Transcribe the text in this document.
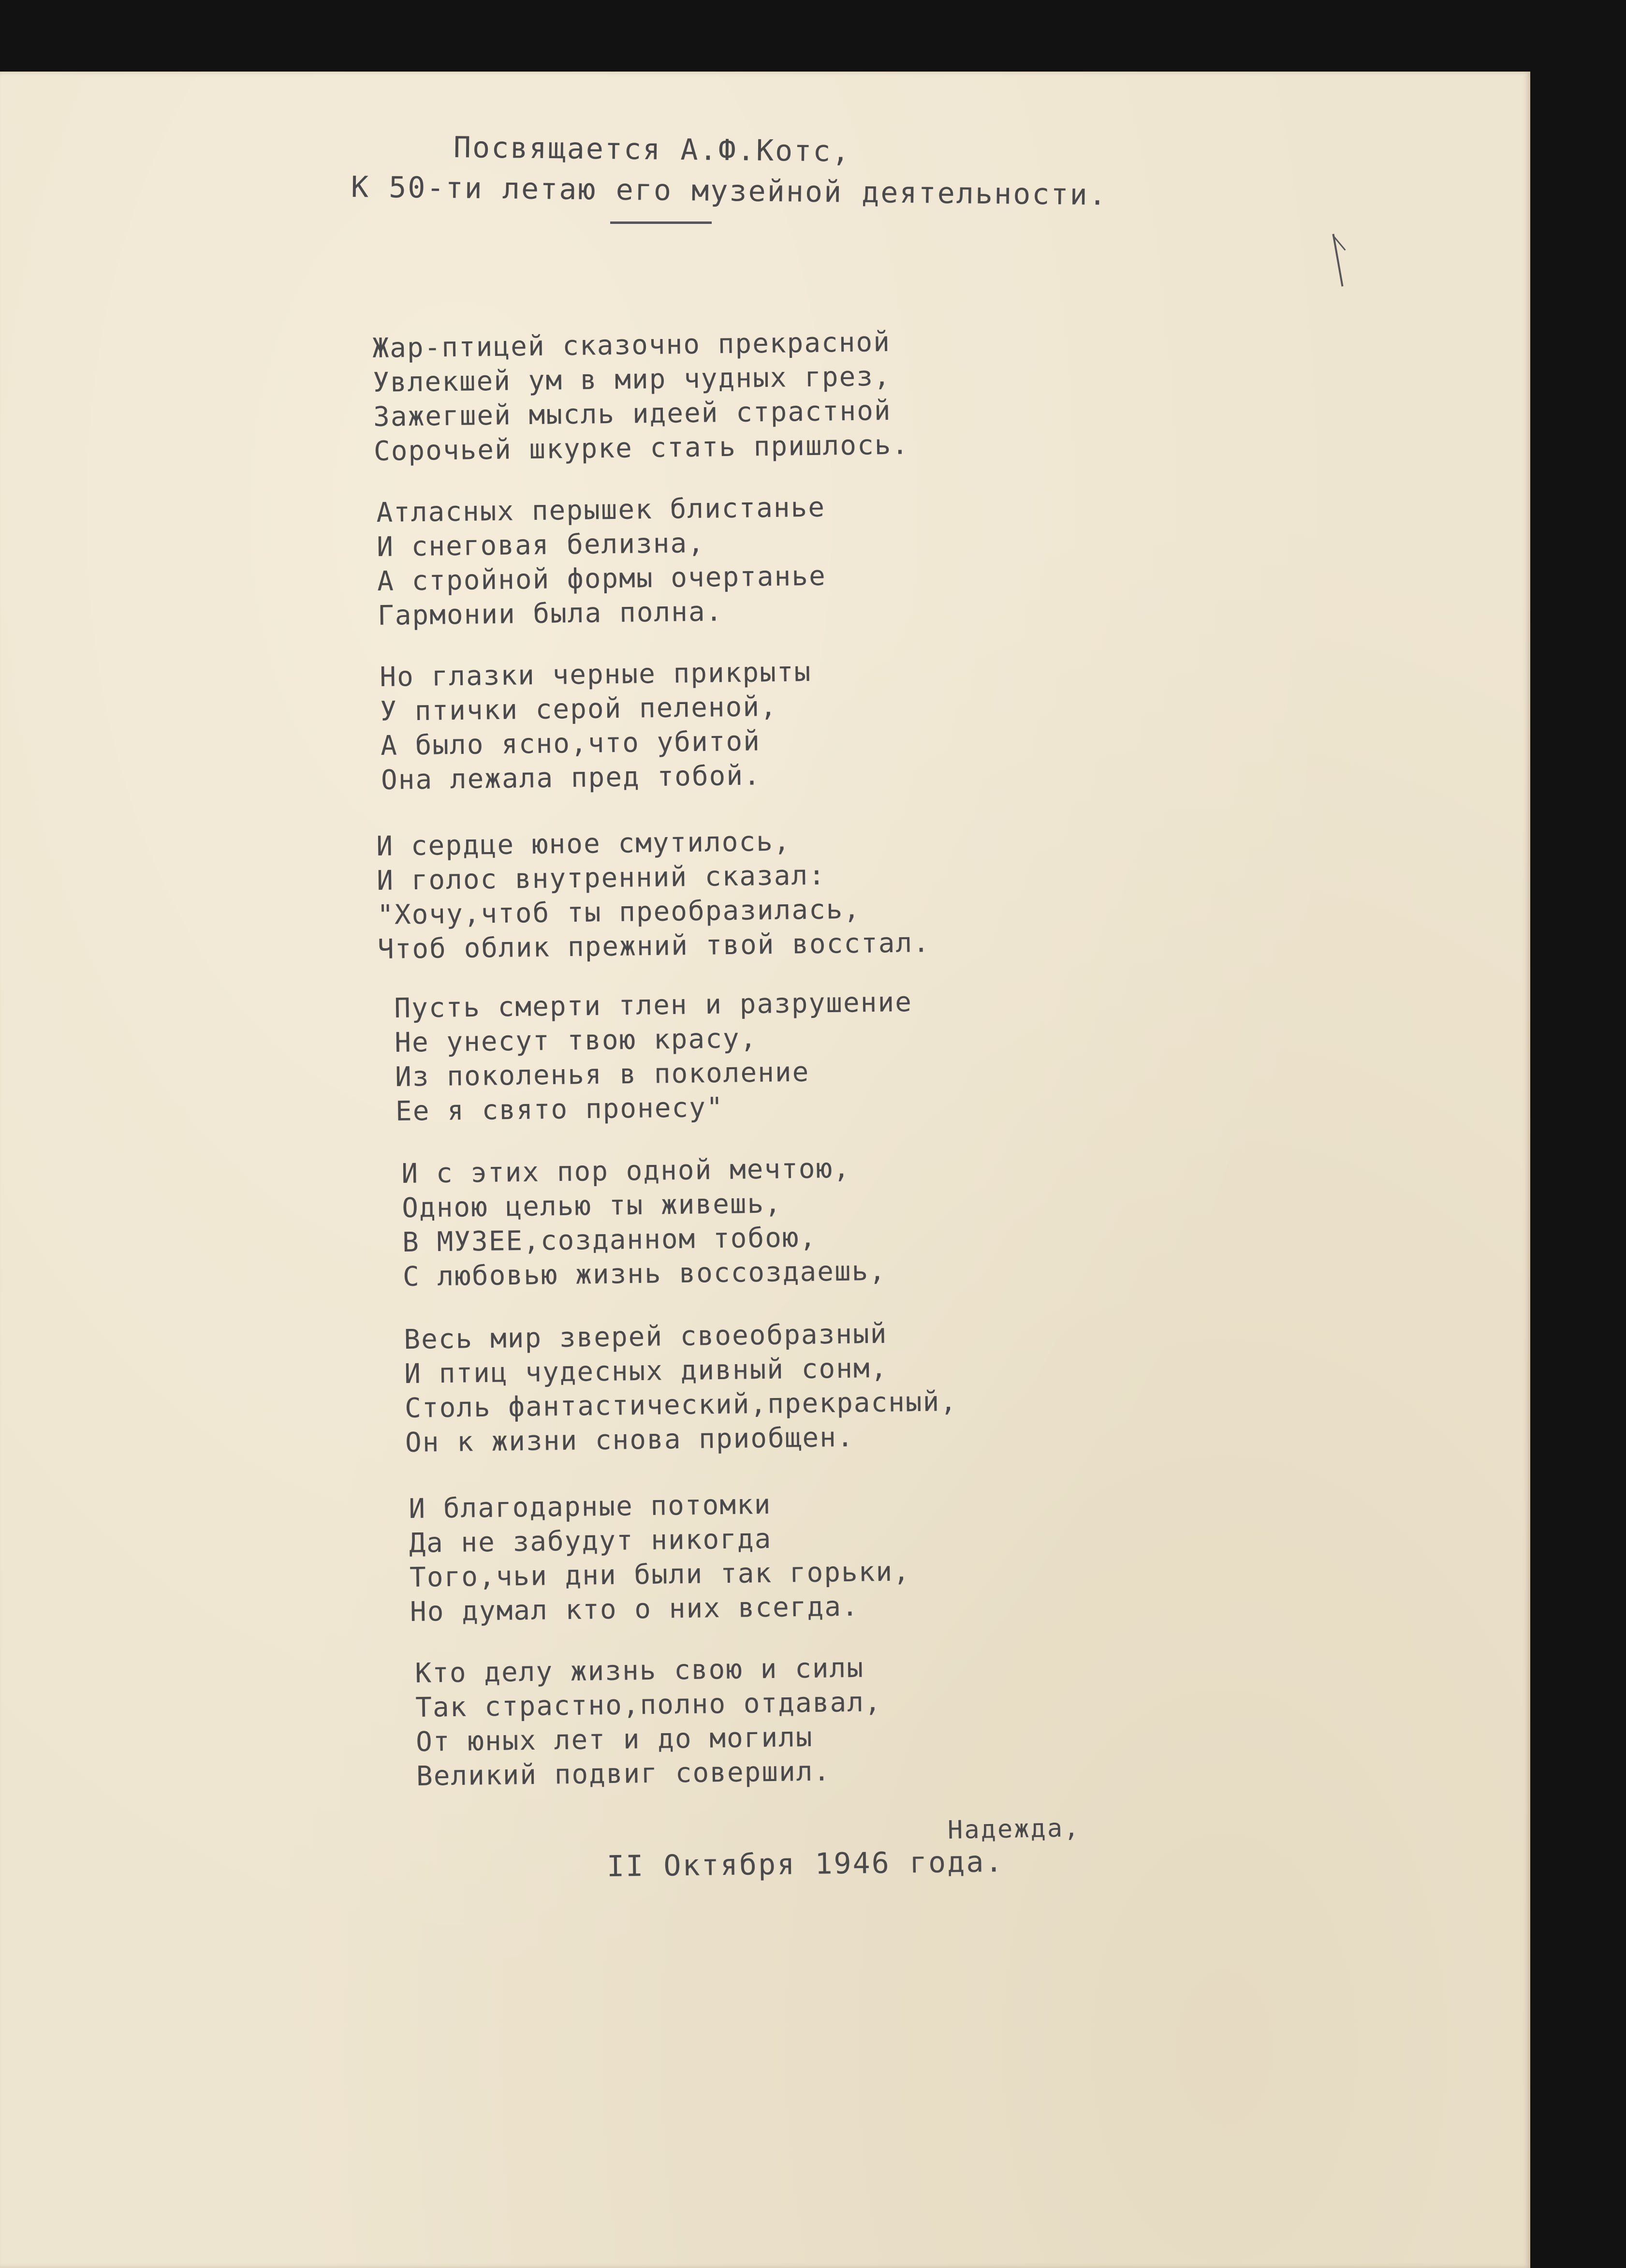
Посвящается А.Ф.Котс,
К 50-ти летаю его музейной деятельности.
Жар-птицей сказочно прекрасной
Увлекшей ум в мир чудных грез,
Зажегшей мысль идеей страстной
Сорочьей шкурке стать пришлось.
Атласных перышек блистанье
И снеговая белизна,
А стройной формы очертанье
Гармонии была полна.
Но глазки черные прикрыты
У птички серой пеленой,
А было ясно,что убитой
Она лежала пред тобой.
И сердце юное смутилось,
И голос внутренний сказал:
"Хочу,чтоб ты преобразилась,
Чтоб облик прежний твой восстал.
Пусть смерти тлен и разрушение
Не унесут твою красу,
Из поколенья в поколение
Ее я свято пронесу"
И с этих пор одной мечтою,
Одною целью ты живешь,
В МУЗЕЕ,созданном тобою,
С любовью жизнь воссоздаешь,
Весь мир зверей своеобразный
И птиц чудесных дивный сонм,
Столь фантастический,прекрасный,
Он к жизни снова приобщен.
И благодарные потомки
Да не забудут никогда
Того,чьи дни были так горьки,
Но думал кто о них всегда.
Кто делу жизнь свою и силы
Так страстно,полно отдавал,
От юных лет и до могилы
Великий подвиг совершил.
Надежда,
II Октября 1946 года.
